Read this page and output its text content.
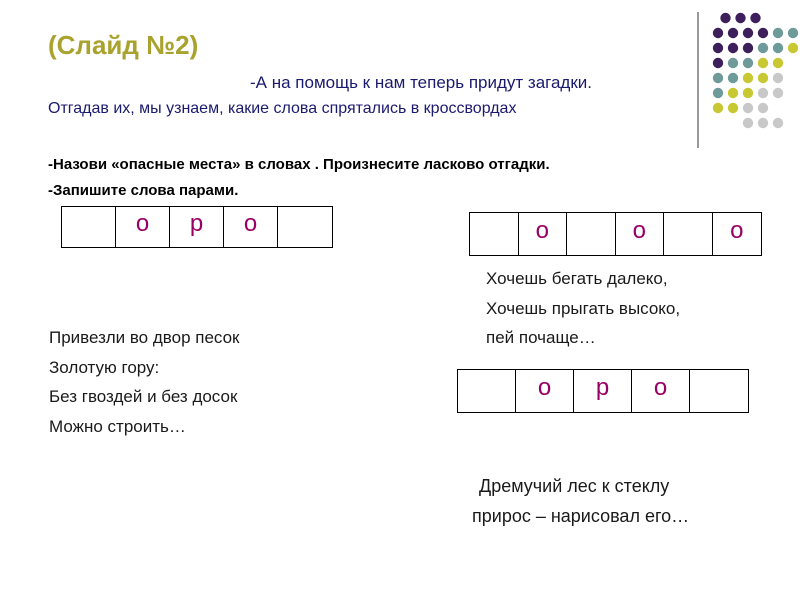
(Слайд №2)
-А на помощь к нам теперь придут загадки.
Отгадав их, мы узнаем, какие слова спрятались в кроссвордах
-Назови «опасные места» в словах . Произнесите ласково отгадки.
-Запишите слова парами.
о	р	о	о	о	о
о	р	о

Привезли во двор песок

Золотую гору:

Без гвоздей и без досок

Можно строить…

Хочешь бегать далеко,

Хочешь прыгать высоко,

пей почаще…

Дремучий лес к стеклу

прирос – нарисовал его…
